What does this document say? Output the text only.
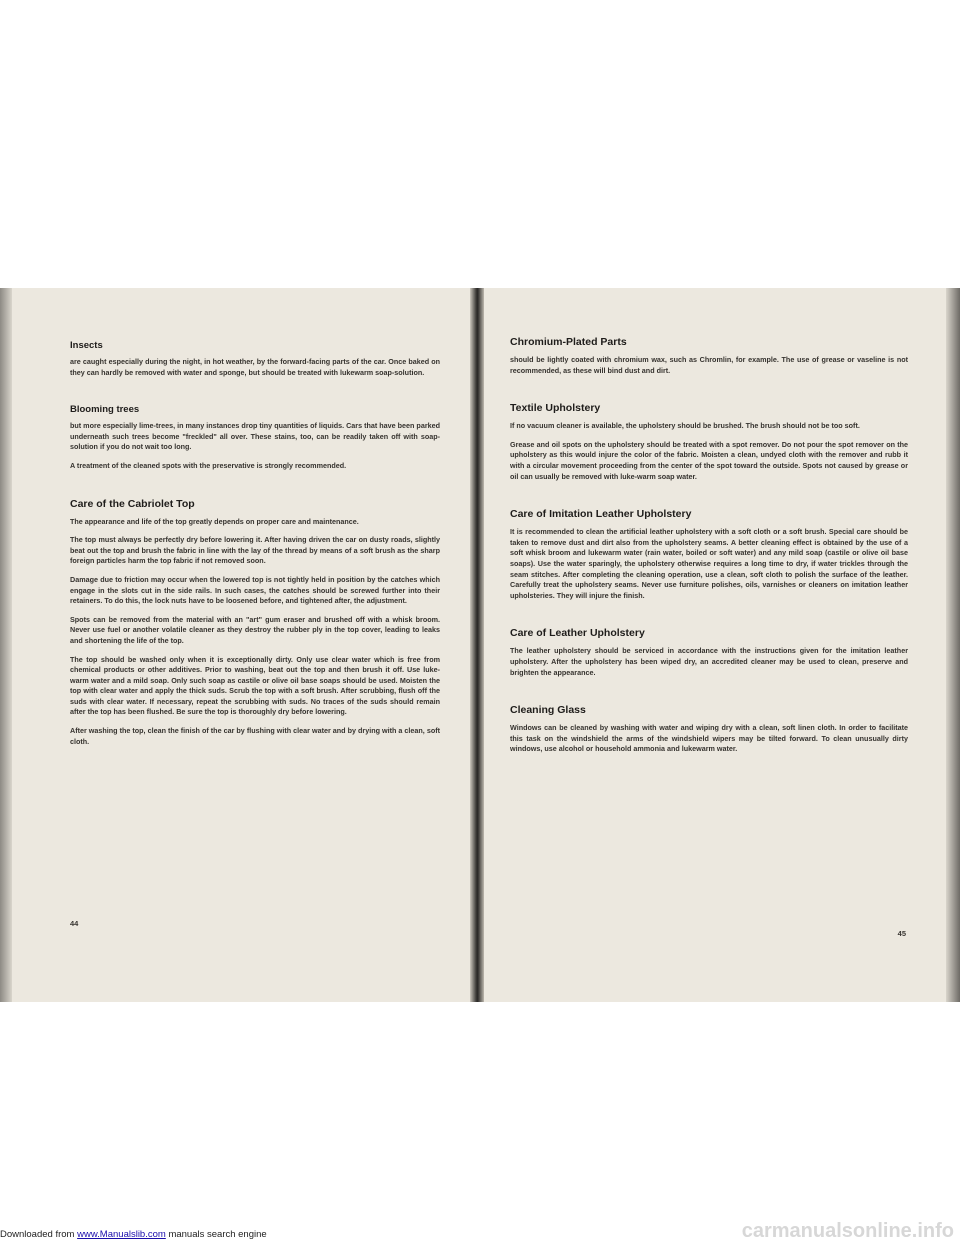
Insects

are caught especially during the night, in hot weather, by the forward-facing parts of the car. Once baked on they can hardly be removed with water and sponge, but should be treated with lukewarm soap-solution.

Blooming trees

but more especially lime-trees, in many instances drop tiny quantities of liquids. Cars that have been parked underneath such trees become "freckled" all over. These stains, too, can be readily taken off with soap-solution if you do not wait too long.

A treatment of the cleaned spots with the preservative is strongly recommended.

Care of the Cabriolet Top

The appearance and life of the top greatly depends on proper care and maintenance.

The top must always be perfectly dry before lowering it. After having driven the car on dusty roads, slightly beat out the top and brush the fabric in line with the lay of the thread by means of a soft brush as the sharp foreign particles harm the top fabric if not removed soon.

Damage due to friction may occur when the lowered top is not tightly held in position by the catches which engage in the slots cut in the side rails. In such cases, the catches should be screwed further into their retainers. To do this, the lock nuts have to be loosened before, and tightened after, the adjustment.

Spots can be removed from the material with an "art" gum eraser and brushed off with a whisk broom. Never use fuel or another volatile cleaner as they destroy the rubber ply in the top cover, leading to leaks and shortening the life of the top.

The top should be washed only when it is exceptionally dirty. Only use clear water which is free from chemical products or other additives. Prior to washing, beat out the top and then brush it off. Use luke-warm water and a mild soap. Only such soap as castile or olive oil base soaps should be used. Moisten the top with clear water and apply the thick suds. Scrub the top with a soft brush. After scrubbing, flush off the suds with clear water. If necessary, repeat the scrubbing with suds. No traces of the suds should remain after the top has been flushed. Be sure the top is thoroughly dry before lowering.

After washing the top, clean the finish of the car by flushing with clear water and by drying with a clean, soft cloth.

44
Chromium-Plated Parts

should be lightly coated with chromium wax, such as Chromlin, for example. The use of grease or vaseline is not recommended, as these will bind dust and dirt.

Textile Upholstery

If no vacuum cleaner is available, the upholstery should be brushed. The brush should not be too soft.

Grease and oil spots on the upholstery should be treated with a spot remover. Do not pour the spot remover on the upholstery as this would injure the color of the fabric. Moisten a clean, undyed cloth with the remover and rubb it with a circular movement proceeding from the center of the spot toward the outside. Spots not caused by grease or oil can usually be removed with luke-warm soap water.

Care of Imitation Leather Upholstery

It is recommended to clean the artificial leather upholstery with a soft cloth or a soft brush. Special care should be taken to remove dust and dirt also from the upholstery seams. A better cleaning effect is obtained by the use of a soft whisk broom and lukewarm water (rain water, boiled or soft water) and any mild soap (castile or olive oil base soaps). Use the water sparingly, the upholstery otherwise requires a long time to dry, if water trickles through the seam stitches. After completing the cleaning operation, use a clean, soft cloth to polish the surface of the leather. Carefully treat the upholstery seams. Never use furniture polishes, oils, varnishes or cleaners on imitation leather upholsteries. They will injure the finish.

Care of Leather Upholstery

The leather upholstery should be serviced in accordance with the instructions given for the imitation leather upholstery. After the upholstery has been wiped dry, an accredited cleaner may be used to clean, preserve and brighten the appearance.

Cleaning Glass

Windows can be cleaned by washing with water and wiping dry with a clean, soft linen cloth. In order to facilitate this task on the windshield the arms of the windshield wipers may be tilted forward. To clean unusually dirty windows, use alcohol or household ammonia and lukewarm water.

45
Downloaded from www.Manualslib.com manuals search engine	carmanualsonline.info
